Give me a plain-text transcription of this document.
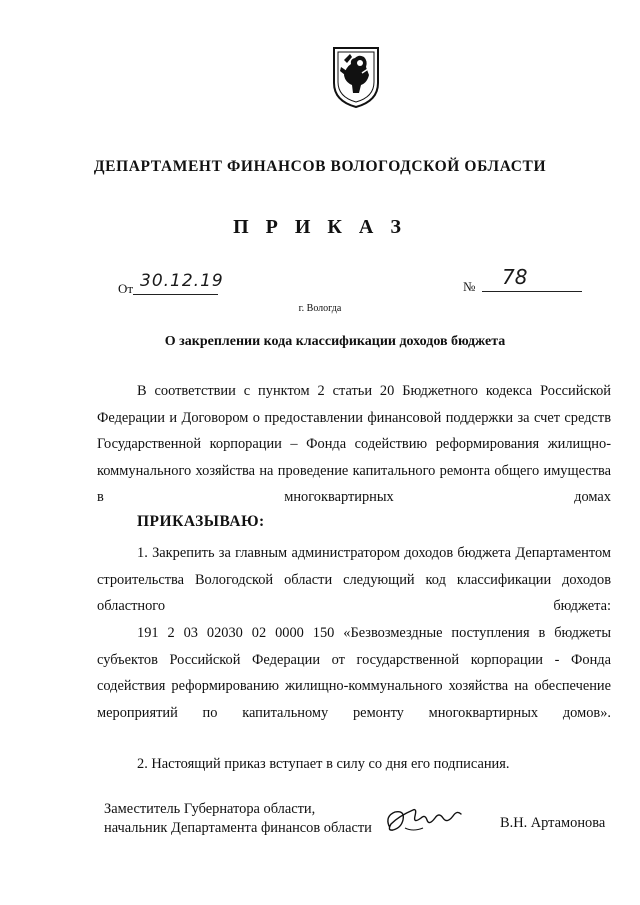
ДЕПАРТАМЕНТ ФИНАНСОВ ВОЛОГОДСКОЙ ОБЛАСТИ
П Р И К А З
От 30.12.19	№ 78
г. Вологда
О закреплении кода классификации доходов бюджета
В соответствии с пунктом 2 статьи 20 Бюджетного кодекса Российской Федерации и Договором о предоставлении финансовой поддержки за счет средств Государственной корпорации – Фонда содействию реформирования жилищно-коммунального хозяйства на проведение капитального ремонта общего имущества в многоквартирных домах
ПРИКАЗЫВАЮ:
1. Закрепить за главным администратором доходов бюджета Департаментом строительства Вологодской области следующий код классификации доходов областного бюджета:
191 2 03 02030 02 0000 150 «Безвозмездные поступления в бюджеты субъектов Российской Федерации от государственной корпорации - Фонда содействия реформированию жилищно-коммунального хозяйства на обеспечение мероприятий по капитальному ремонту многоквартирных домов».
2. Настоящий приказ вступает в силу со дня его подписания.
Заместитель Губернатора области,
начальник Департамента финансов области	В.Н. Артамонова
